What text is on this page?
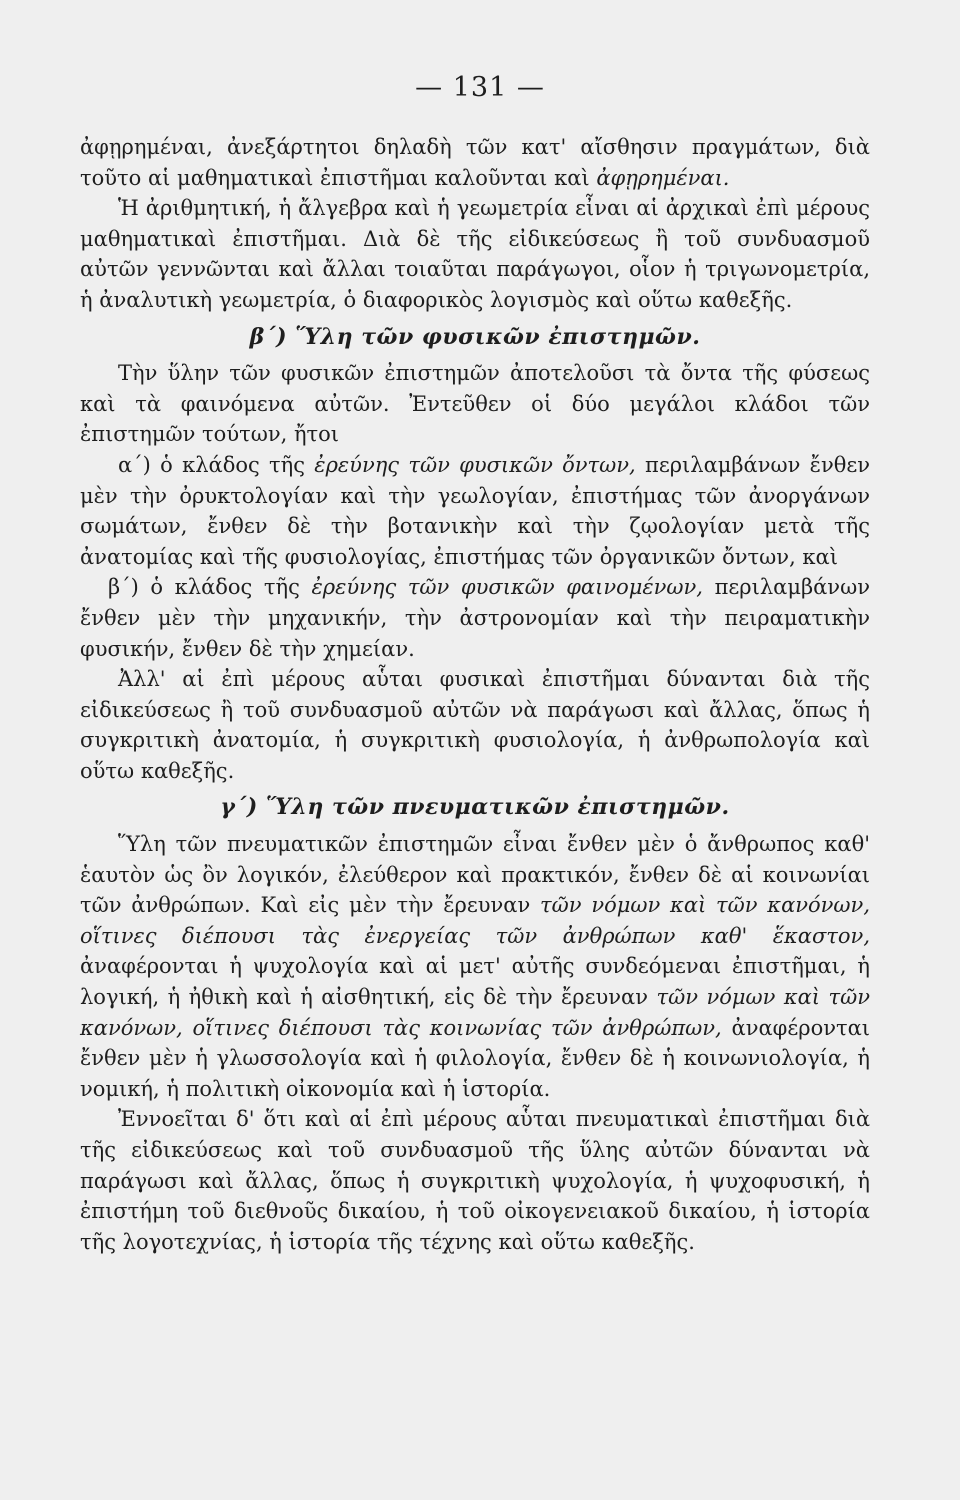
— 131 —

ἀφῃρημέναι, ἀνεξάρτητοι δηλαδὴ τῶν κατ' αἴσθησιν πραγμάτων, διὰ τοῦτο αἱ μαθηματικαὶ ἐπιστῆμαι καλοῦνται καὶ ἀφῃρημέναι.

Ἡ ἀριθμητική, ἡ ἄλγεβρα καὶ ἡ γεωμετρία εἶναι αἱ ἀρχικαὶ ἐπὶ μέρους μαθηματικαὶ ἐπιστῆμαι. Διὰ δὲ τῆς εἰδικεύσεως ἢ τοῦ συνδυασμοῦ αὐτῶν γεννῶνται καὶ ἄλλαι τοιαῦται παράγωγοι, οἷον ἡ τριγωνομετρία, ἡ ἀναλυτικὴ γεωμετρία, ὁ διαφορικὸς λογισμὸς καὶ οὕτω καθεξῆς.

β΄) Ὕλη τῶν φυσικῶν ἐπιστημῶν.

Τὴν ὕλην τῶν φυσικῶν ἐπιστημῶν ἀποτελοῦσι τὰ ὄντα τῆς φύσεως καὶ τὰ φαινόμενα αὐτῶν. Ἐντεῦθεν οἱ δύο μεγάλοι κλάδοι τῶν ἐπιστημῶν τούτων, ἤτοι

α΄) ὁ κλάδος τῆς ἐρεύνης τῶν φυσικῶν ὄντων, περιλαμβάνων ἔνθεν μὲν τὴν ὀρυκτολογίαν καὶ τὴν γεωλογίαν, ἐπιστήμας τῶν ἀνοργάνων σωμάτων, ἔνθεν δὲ τὴν βοτανικὴν καὶ τὴν ζῳολογίαν μετὰ τῆς ἀνατομίας καὶ τῆς φυσιολογίας, ἐπιστήμας τῶν ὀργανικῶν ὄντων, καὶ

β΄) ὁ κλάδος τῆς ἐρεύνης τῶν φυσικῶν φαινομένων, περιλαμβάνων ἔνθεν μὲν τὴν μηχανικήν, τὴν ἀστρονομίαν καὶ τὴν πειραματικὴν φυσικήν, ἔνθεν δὲ τὴν χημείαν.

Ἀλλ' αἱ ἐπὶ μέρους αὗται φυσικαὶ ἐπιστῆμαι δύνανται διὰ τῆς εἰδικεύσεως ἢ τοῦ συνδυασμοῦ αὐτῶν νὰ παράγωσι καὶ ἄλλας, ὅπως ἡ συγκριτικὴ ἀνατομία, ἡ συγκριτικὴ φυσιολογία, ἡ ἀνθρωπολογία καὶ οὕτω καθεξῆς.

γ΄) Ὕλη τῶν πνευματικῶν ἐπιστημῶν.

Ὕλη τῶν πνευματικῶν ἐπιστημῶν εἶναι ἔνθεν μὲν ὁ ἄνθρωπος καθ' ἑαυτὸν ὡς ὂν λογικόν, ἐλεύθερον καὶ πρακτικόν, ἔνθεν δὲ αἱ κοινωνίαι τῶν ἀνθρώπων. Καὶ εἰς μὲν τὴν ἔρευναν τῶν νόμων καὶ τῶν κανόνων, οἵτινες διέπουσι τὰς ἐνεργείας τῶν ἀνθρώπων καθ' ἕκαστον, ἀναφέρονται ἡ ψυχολογία καὶ αἱ μετ' αὐτῆς συνδεόμεναι ἐπιστῆμαι, ἡ λογική, ἡ ἠθικὴ καὶ ἡ αἰσθητική, εἰς δὲ τὴν ἔρευναν τῶν νόμων καὶ τῶν κανόνων, οἵτινες διέπουσι τὰς κοινωνίας τῶν ἀνθρώπων, ἀναφέρονται ἔνθεν μὲν ἡ γλωσσολογία καὶ ἡ φιλολογία, ἔνθεν δὲ ἡ κοινωνιολογία, ἡ νομική, ἡ πολιτικὴ οἰκονομία καὶ ἡ ἱστορία.

Ἐννοεῖται δ' ὅτι καὶ αἱ ἐπὶ μέρους αὗται πνευματικαὶ ἐπιστῆμαι διὰ τῆς εἰδικεύσεως καὶ τοῦ συνδυασμοῦ τῆς ὕλης αὐτῶν δύνανται νὰ παράγωσι καὶ ἄλλας, ὅπως ἡ συγκριτικὴ ψυχολογία, ἡ ψυχοφυσική, ἡ ἐπιστήμη τοῦ διεθνοῦς δικαίου, ἡ τοῦ οἰκογενειακοῦ δικαίου, ἡ ἱστορία τῆς λογοτεχνίας, ἡ ἱστορία τῆς τέχνης καὶ οὕτω καθεξῆς.
